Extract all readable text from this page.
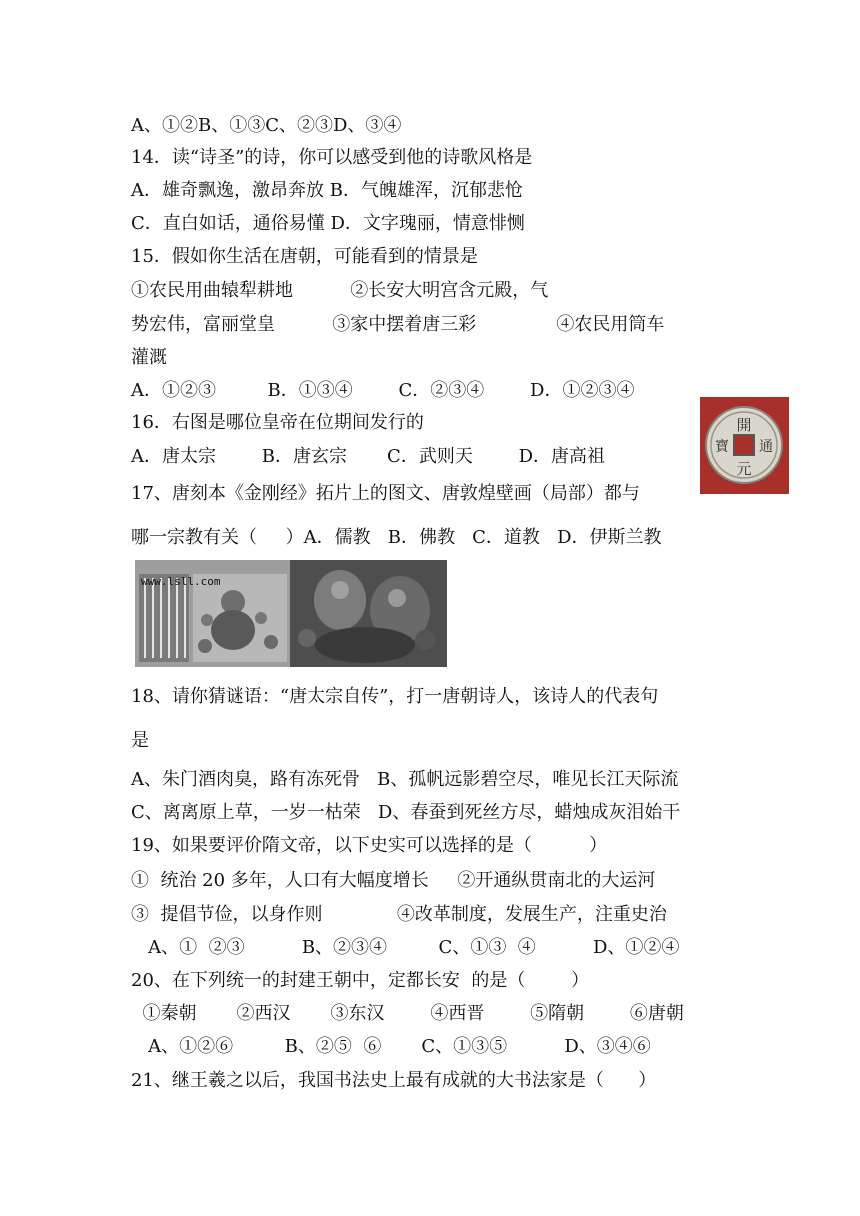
A、①②B、①③C、②③D、③④
14．读“诗圣”的诗，你可以感受到他的诗歌风格是
A．雄奇飘逸，激昂奔放 B．气魄雄浑，沉郁悲怆
C．直白如话，通俗易懂 D．文字瑰丽，情意悱恻
15．假如你生活在唐朝，可能看到的情景是
①农民用曲辕犁耕地          ②长安大明宫含元殿，气
势宏伟，富丽堂皇          ③家中摆着唐三彩              ④农民用筒车
灌溉
A．①②③         B．①③④        C．②③④        D．①②③④
16．右图是哪位皇帝在位期间发行的
A．唐太宗        B．唐玄宗       C．武则天        D．唐高祖
17、唐刻本《金刚经》拓片上的图文、唐敦煌壁画（局部）都与
哪一宗教有关（     ）A．儒教   B．佛教   C．道教   D．伊斯兰教
開
元
通
寶
www.lsll.com
18、请你猜谜语：“唐太宗自传”，打一唐朝诗人，该诗人的代表句
是
A、朱门酒肉臭，路有冻死骨   B、孤帆远影碧空尽，唯见长江天际流
C、离离原上草，一岁一枯荣   D、春蚕到死丝方尽，蜡烛成灰泪始干
19、如果要评价隋文帝，以下史实可以选择的是（          ）
①  统治 20 多年，人口有大幅度增长     ②开通纵贯南北的大运河
③  提倡节俭，以身作则             ④改革制度，发展生产，注重史治
A、①  ②③          B、②③④         C、①③  ④          D、①②④
20、在下列统一的封建王朝中，定都长安  的是（        ）
①秦朝       ②西汉       ③东汉        ④西晋        ⑤隋朝        ⑥唐朝
A、①②⑥         B、②⑤  ⑥       C、①③⑤          D、③④⑥
21、继王羲之以后，我国书法史上最有成就的大书法家是（      ）
